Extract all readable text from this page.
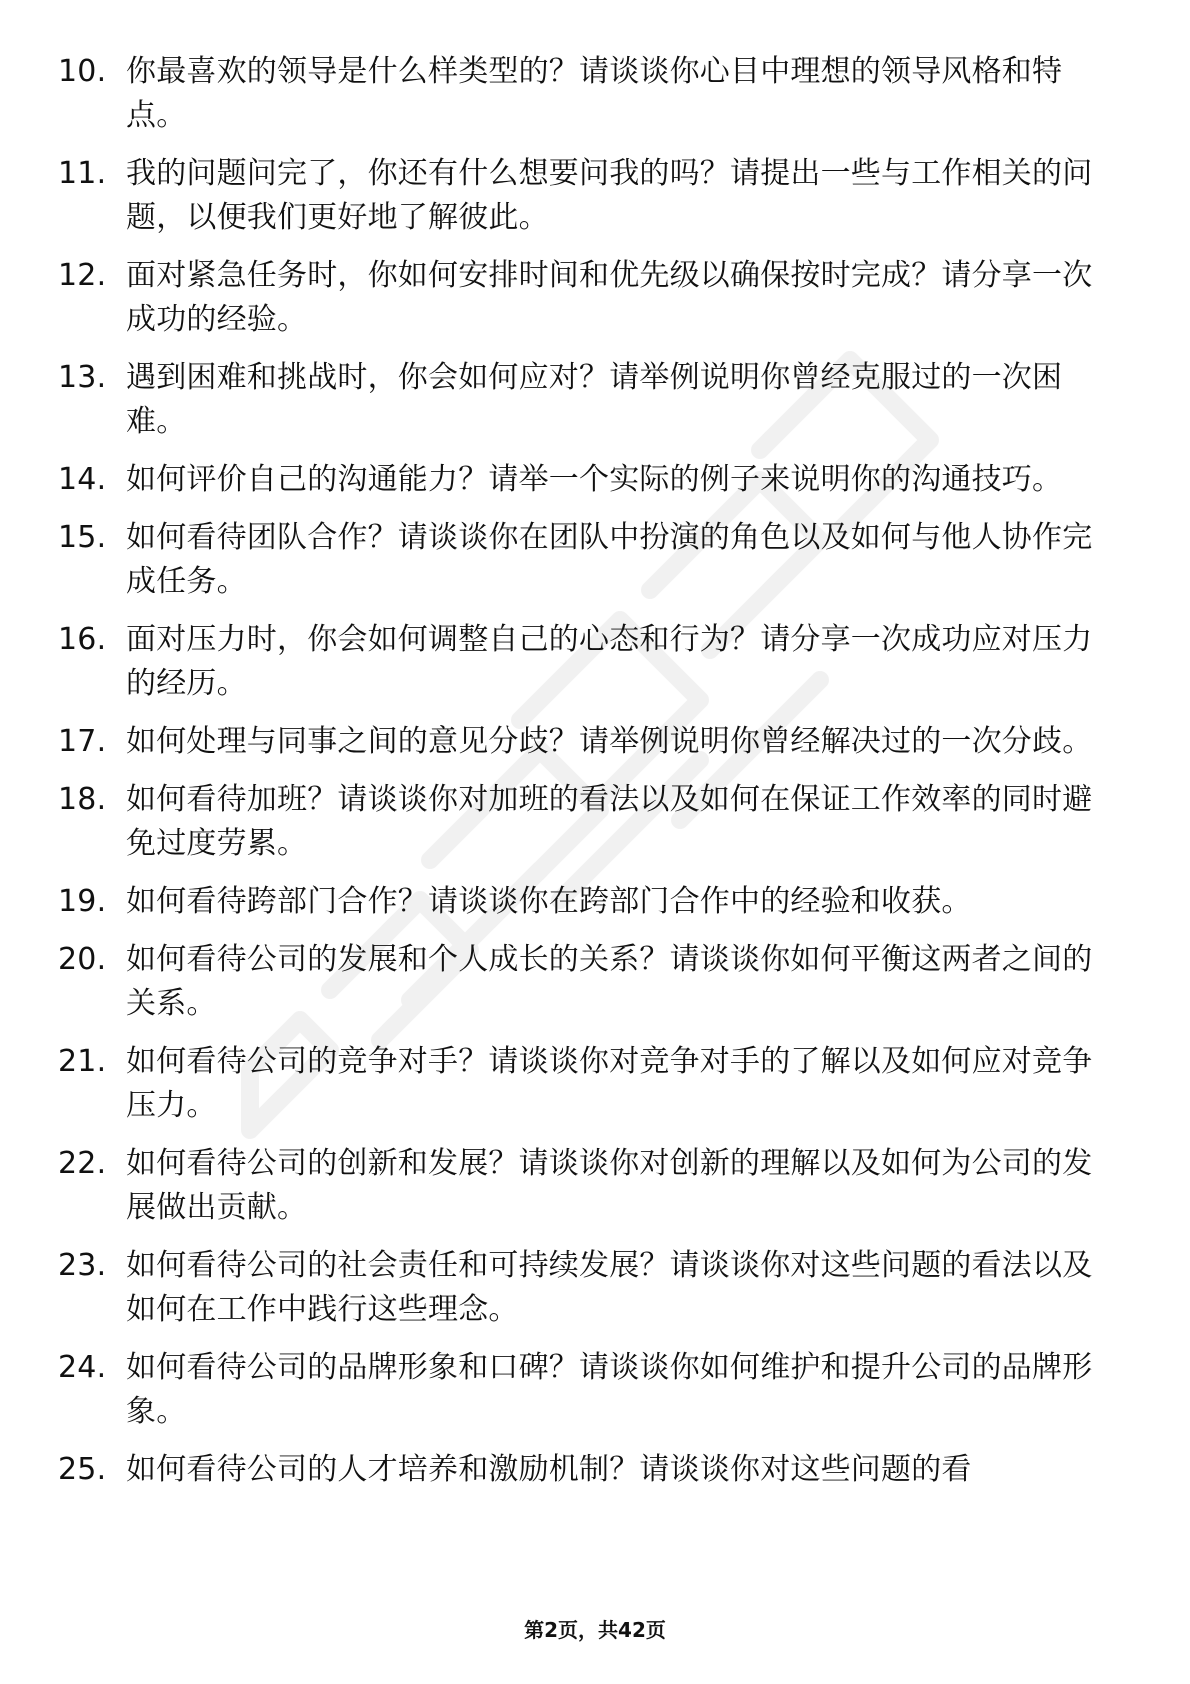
10. 你最喜欢的领导是什么样类型的？请谈谈你心目中理想的领导风格和特点。
11. 我的问题问完了，你还有什么想要问我的吗？请提出一些与工作相关的问题，以便我们更好地了解彼此。
12. 面对紧急任务时，你如何安排时间和优先级以确保按时完成？请分享一次成功的经验。
13. 遇到困难和挑战时，你会如何应对？请举例说明你曾经克服过的一次困难。
14. 如何评价自己的沟通能力？请举一个实际的例子来说明你的沟通技巧。
15. 如何看待团队合作？请谈谈你在团队中扮演的角色以及如何与他人协作完成任务。
16. 面对压力时，你会如何调整自己的心态和行为？请分享一次成功应对压力的经历。
17. 如何处理与同事之间的意见分歧？请举例说明你曾经解决过的一次分歧。
18. 如何看待加班？请谈谈你对加班的看法以及如何在保证工作效率的同时避免过度劳累。
19. 如何看待跨部门合作？请谈谈你在跨部门合作中的经验和收获。
20. 如何看待公司的发展和个人成长的关系？请谈谈你如何平衡这两者之间的关系。
21. 如何看待公司的竞争对手？请谈谈你对竞争对手的了解以及如何应对竞争压力。
22. 如何看待公司的创新和发展？请谈谈你对创新的理解以及如何为公司的发展做出贡献。
23. 如何看待公司的社会责任和可持续发展？请谈谈你对这些问题的看法以及如何在工作中践行这些理念。
24. 如何看待公司的品牌形象和口碑？请谈谈你如何维护和提升公司的品牌形象。
25. 如何看待公司的人才培养和激励机制？请谈谈你对这些问题的看
第2页，共42页
